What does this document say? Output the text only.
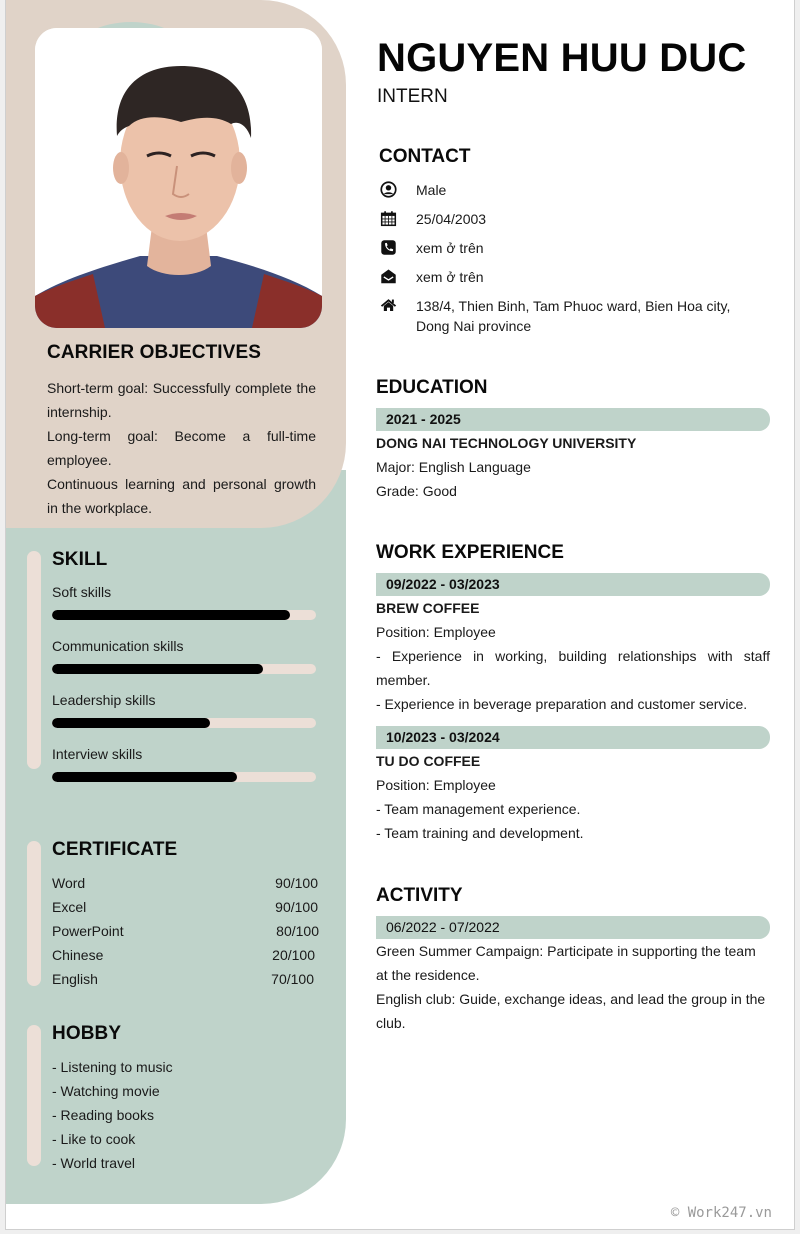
CARRIER OBJECTIVES

Short-term goal: Successfully complete the internship.

Long-term goal: Become a full-time employee.

Continuous learning and personal growth in the workplace.

SKILL
Soft skills
Communication skills
Leadership skills
Interview skills
CERTIFICATE
Word	90/100
Excel	90/100
PowerPoint	80/100
Chinese	20/100
English	70/100
HOBBY
- Listening to music
- Watching movie
- Reading books
- Like to cook
- World travel
NGUYEN HUU DUC
INTERN
CONTACT
Male
25/04/2003
xem ở trên
xem ở trên
138/4, Thien Binh, Tam Phuoc ward, Bien Hoa city, Dong Nai province
EDUCATION
2021 - 2025
DONG NAI TECHNOLOGY UNIVERSITY
Major: English Language
Grade: Good
WORK EXPERIENCE
09/2022 - 03/2023
BREW COFFEE
Position: Employee
- Experience in working, building relationships with staff member.
- Experience in beverage preparation and customer service.
10/2023 - 03/2024
TU DO COFFEE
Position: Employee
- Team management experience.
- Team training and development.
ACTIVITY
06/2022 - 07/2022
Green Summer Campaign: Participate in supporting the team at the residence.
English club: Guide, exchange ideas, and lead the group in the club.
© Work247.vn
